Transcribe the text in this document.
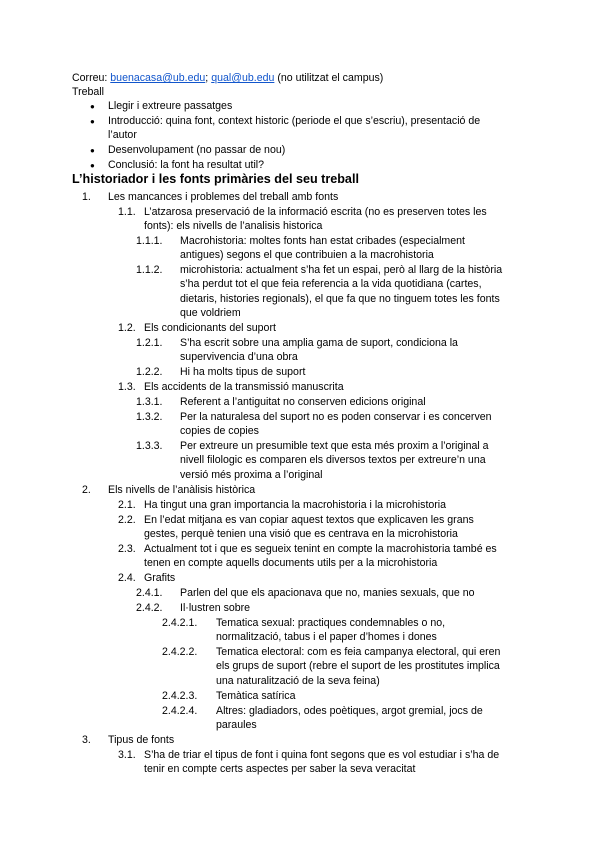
Correu: buenacasa@ub.edu; qual@ub.edu (no utilitzat el campus)
Treball
● Llegir i extreure passatges
● Introducció: quina font, context historic (periode el que s’escriu), presentació de
l’autor
● Desenvolupament (no passar de nou)
● Conclusió: la font ha resultat util?
L’historiador i les fonts primàries del seu treball
1. Les mancances i problemes del treball amb fonts
1.1. L’atzarosa preservació de la informació escrita (no es preserven totes les
fonts): els nivells de l’analisis historica
1.1.1. Macrohistoria: moltes fonts han estat cribades (especialment
antigues) segons el que contribuien a la macrohistoria
1.1.2. microhistoria: actualment s’ha fet un espai, però al llarg de la història
s’ha perdut tot el que feia referencia a la vida quotidiana (cartes,
dietaris, histories regionals), el que fa que no tinguem totes les fonts
que voldriem
1.2. Els condicionants del suport
1.2.1. S’ha escrit sobre una amplia gama de suport, condiciona la
supervivencia d’una obra
1.2.2. Hi ha molts tipus de suport
1.3. Els accidents de la transmissió manuscrita
1.3.1. Referent a l’antiguitat no conserven edicions original
1.3.2. Per la naturalesa del suport no es poden conservar i es concerven
copies de copies
1.3.3. Per extreure un presumible text que esta més proxim a l’original a
nivell filologic es comparen els diversos textos per extreure’n una
versió més proxima a l’original
2. Els nivells de l’anàlisis històrica
2.1. Ha tingut una gran importancia la macrohistoria i la microhistoria
2.2. En l’edat mitjana es van copiar aquest textos que explicaven les grans
gestes, perquè tenien una visió que es centrava en la microhistoria
2.3. Actualment tot i que es segueix tenint en compte la macrohistoria també es
tenen en compte aquells documents utils per a la microhistoria
2.4. Grafits
2.4.1. Parlen del que els apacionava que no, manies sexuals, que no
2.4.2. Il·lustren sobre
2.4.2.1. Tematica sexual: practiques condemnables o no,
normalització, tabus i el paper d’homes i dones
2.4.2.2. Tematica electoral: com es feia campanya electoral, qui eren
els grups de suport (rebre el suport de les prostitutes implica
una naturalització de la seva feina)
2.4.2.3. Temàtica satírica
2.4.2.4. Altres: gladiadors, odes poètiques, argot gremial, jocs de
paraules
3. Tipus de fonts
3.1. S’ha de triar el tipus de font i quina font segons que es vol estudiar i s’ha de
tenir en compte certs aspectes per saber la seva veracitat
